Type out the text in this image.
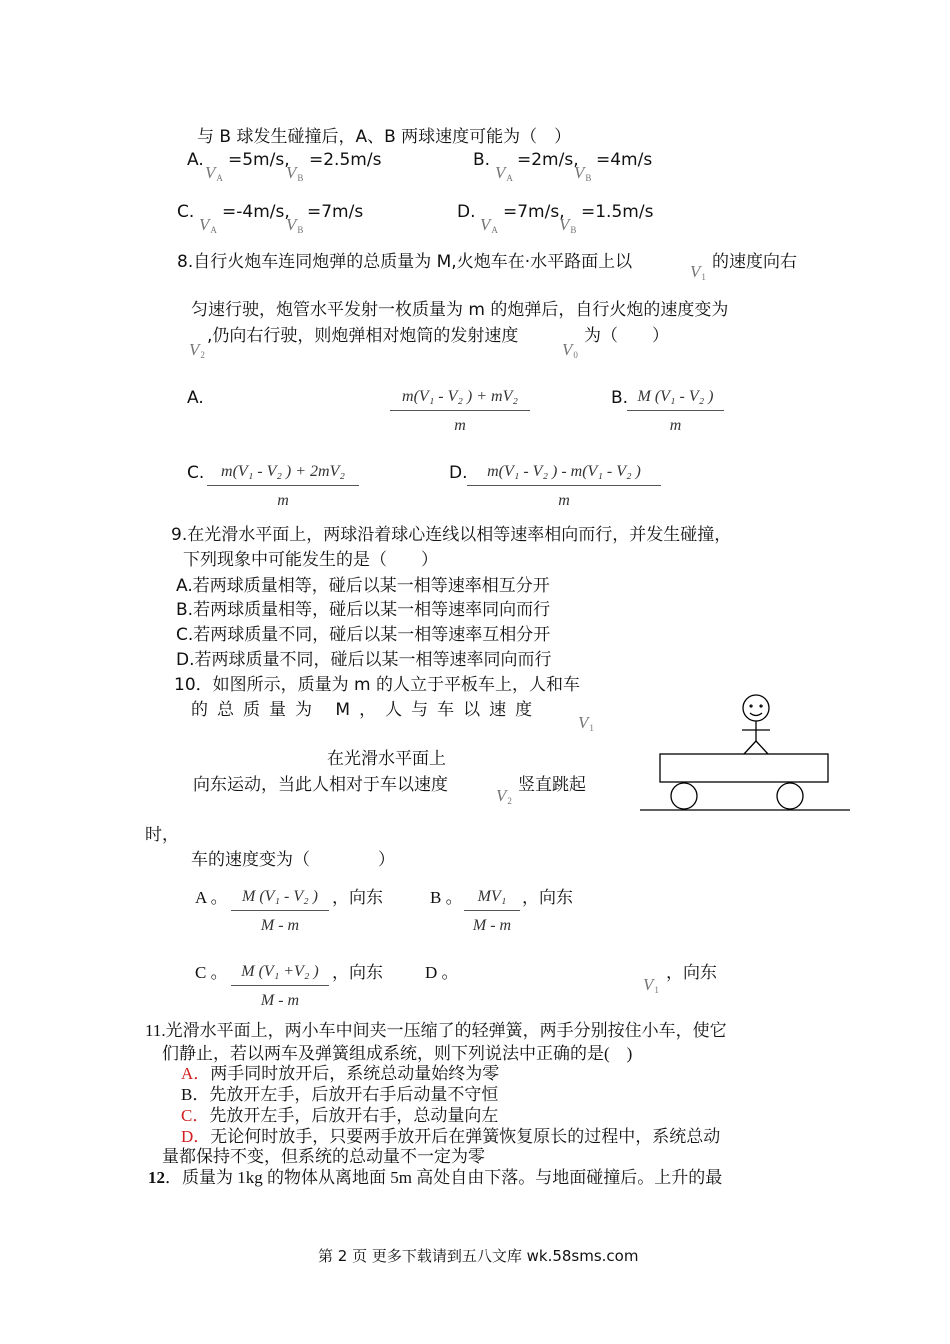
与 B 球发生碰撞后，A、B 两球速度可能为（　）
A.
$V_A$
=5m/s,
$V_B$
=2.5m/s	B.
$V_A$
=2m/s,
$V_B$
=4m/s
C.
$V_A$
=-4m/s,
$V_B$
=7m/s	D.
$V_A$
=7m/s,
$V_B$
=1.5m/s
8.自行火炮车连同炮弹的总质量为 M,火炮车在·水平路面上以	$V_1$
的速度向右
匀速行驶，炮管水平发射一枚质量为 m 的炮弹后，自行火炮的速度变为
$V_2$
,仍向右行驶，则炮弹相对炮筒的发射速度
$V_0$
为（　　）
A.	$\frac{\text{m(V₁ - V₂ ) + mV₂}}{m}$	B.
$\frac{\text{M (V₁ - V₂ )}}{m}$
C. $\frac{\text{m(V₁ - V₂ ) + 2mV₂}}{m}$	D. $\frac{\text{m(V₁ - V₂ ) - m(V₁ - V₂ )}}{m}$
9.在光滑水平面上，两球沿着球心连线以相等速率相向而行，并发生碰撞，
下列现象中可能发生的是（　　）
A.若两球质量相等，碰后以某一相等速率相互分开
B.若两球质量相等，碰后以某一相等速率同向而行
C.若两球质量不同，碰后以某一相等速率互相分开
D.若两球质量不同，碰后以某一相等速率同向而行
10．如图所示，质量为 m 的人立于平板车上，人和车
的总质量为 M，人与车以速度
$V_1$
在光滑水平面上
向东运动，当此人相对于车以速度
$V_2$
竖直跳起
时，
车的速度变为（　　　　）
A 。 $\frac{\text{M (V₁ - V₂ )}}{M - m}$ ，向东	B 。 $\frac{\text{MV₁}}{M - m}$ ，向东
C 。 $\frac{\text{M (V₁ +V₂ )}}{M - m}$ ，向东 D 。
$V_1$
，向东
11.光滑水平面上，两小车中间夹一压缩了的轻弹簧，两手分别按住小车，使它
们静止，若以两车及弹簧组成系统，则下列说法中正确的是(　)
A．两手同时放开后，系统总动量始终为零
B．先放开左手，后放开右手后动量不守恒
C．先放开左手，后放开右手，总动量向左
D．无论何时放手，只要两手放开后在弹簧恢复原长的过程中，系统总动
量都保持不变，但系统的总动量不一定为零
12．质量为 1kg 的物体从离地面 5m 高处自由下落。与地面碰撞后。上升的最
第 2 页 更多下载请到五八文库 wk.58sms.com
